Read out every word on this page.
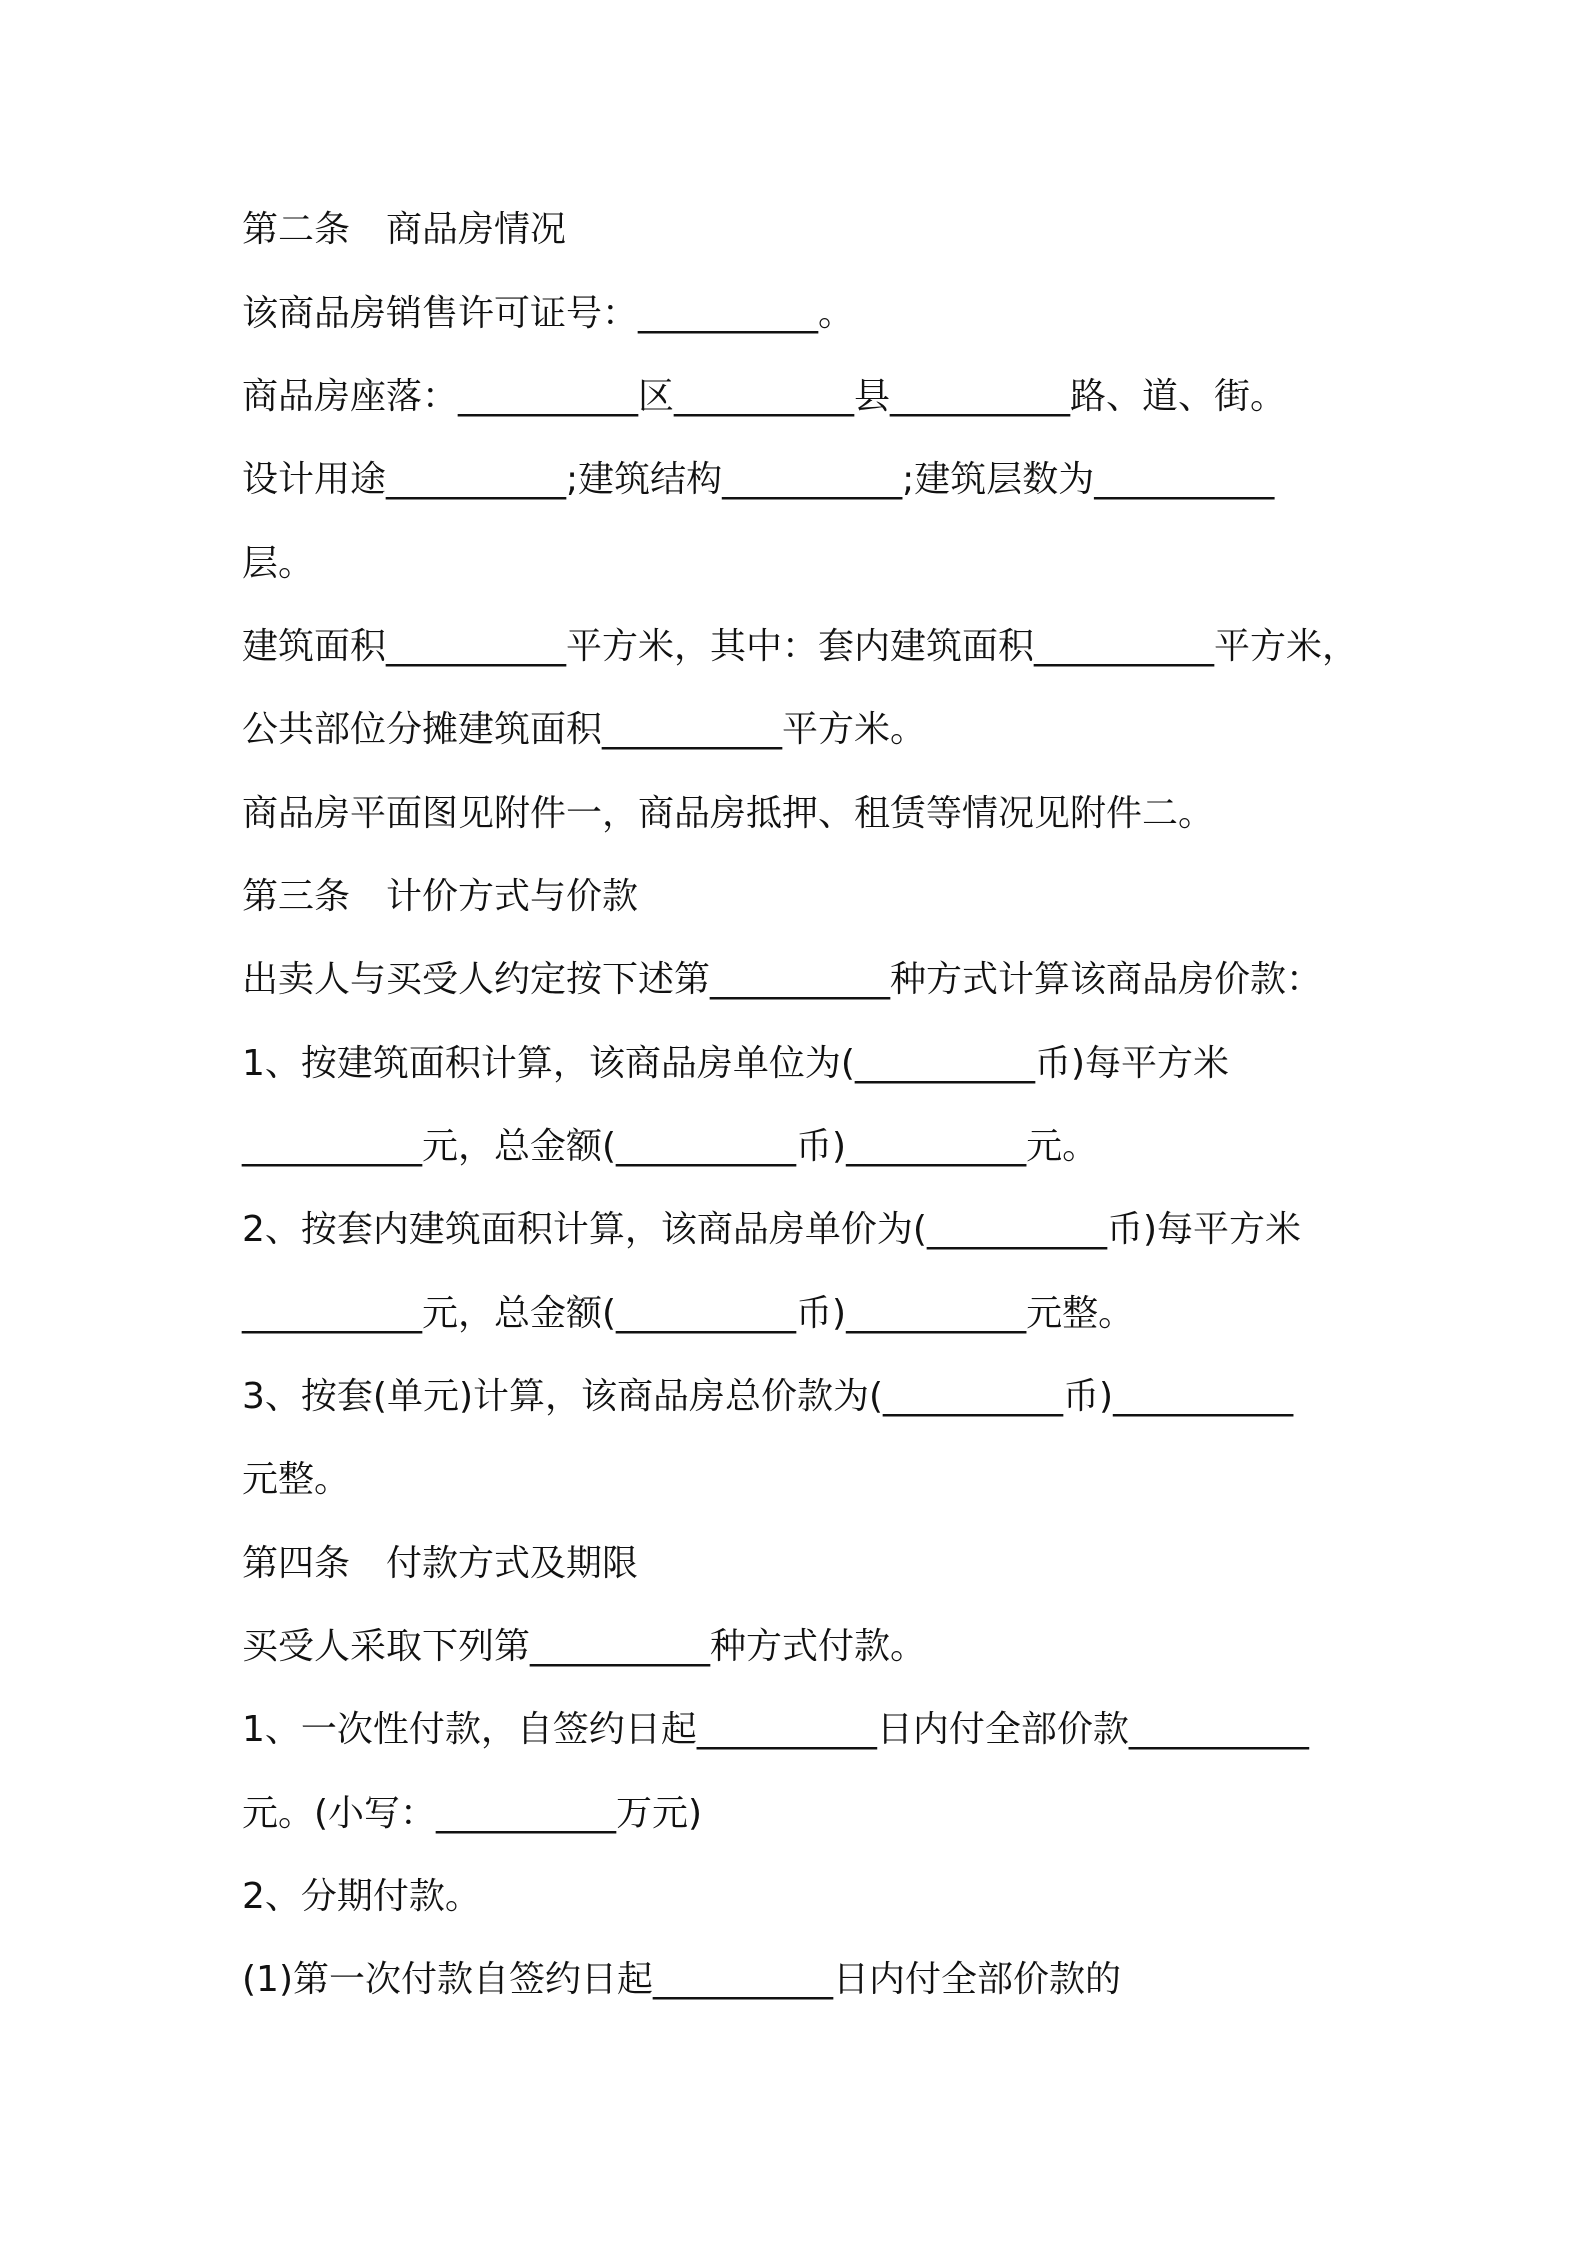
第二条　商品房情况
该商品房销售许可证号：__________。
商品房座落：__________区__________县__________路、道、街。
设计用途__________;建筑结构__________;建筑层数为__________
层。
建筑面积__________平方米，其中：套内建筑面积__________平方米，
公共部位分摊建筑面积__________平方米。
商品房平面图见附件一，商品房抵押、租赁等情况见附件二。
第三条　计价方式与价款
出卖人与买受人约定按下述第__________种方式计算该商品房价款：
1、按建筑面积计算，该商品房单位为(__________币)每平方米
__________元，总金额(__________币)__________元。
2、按套内建筑面积计算，该商品房单价为(__________币)每平方米
__________元，总金额(__________币)__________元整。
3、按套(单元)计算，该商品房总价款为(__________币)__________
元整。
第四条　付款方式及期限
买受人采取下列第__________种方式付款。
1、一次性付款，自签约日起__________日内付全部价款__________
元。(小写：__________万元)
2、分期付款。
(1)第一次付款自签约日起__________日内付全部价款的
